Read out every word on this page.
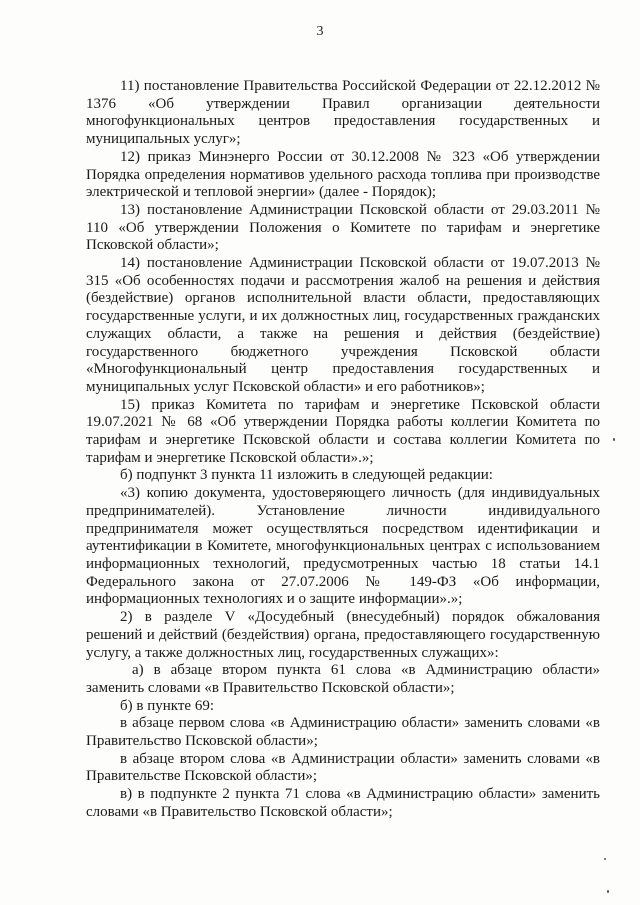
3

11) постановление Правительства Российской Федерации от 22.12.2012 № 1376 «Об утверждении Правил организации деятельности многофункциональных центров предоставления государственных и муниципальных услуг»;

12) приказ Минэнерго России от 30.12.2008 № 323 «Об утверждении Порядка определения нормативов удельного расхода топлива при производстве электрической и тепловой энергии» (далее - Порядок);

13) постановление Администрации Псковской области от 29.03.2011 № 110 «Об утверждении Положения о Комитете по тарифам и энергетике Псковской области»;

14) постановление Администрации Псковской области от 19.07.2013 № 315 «Об особенностях подачи и рассмотрения жалоб на решения и действия (бездействие) органов исполнительной власти области, предоставляющих государственные услуги, и их должностных лиц, государственных гражданских служащих области, а также на решения и действия (бездействие) государственного бюджетного учреждения Псковской области «Многофункциональный центр предоставления государственных и муниципальных услуг Псковской области» и его работников»;

15) приказ Комитета по тарифам и энергетике Псковской области 19.07.2021 № 68 «Об утверждении Порядка работы коллегии Комитета по тарифам и энергетике Псковской области и состава коллегии Комитета по тарифам и энергетике Псковской области».»;

б) подпункт 3 пункта 11 изложить в следующей редакции:

«3) копию документа, удостоверяющего личность (для индивидуальных предпринимателей). Установление личности индивидуального предпринимателя может осуществляться посредством идентификации и аутентификации в Комитете, многофункциональных центрах с использованием информационных технологий, предусмотренных частью 18 статьи 14.1 Федерального закона от 27.07.2006 № 149-ФЗ «Об информации, информационных технологиях и о защите информации».»;

2) в разделе V «Досудебный (внесудебный) порядок обжалования решений и действий (бездействия) органа, предоставляющего государственную услугу, а также должностных лиц, государственных служащих»:

а) в абзаце втором пункта 61 слова «в Администрацию области» заменить словами «в Правительство Псковской области»;

б) в пункте 69:

в абзаце первом слова «в Администрацию области» заменить словами «в Правительство Псковской области»;

в абзаце втором слова «в Администрации области» заменить словами «в Правительстве Псковской области»;

в) в подпункте 2 пункта 71 слова «в Администрацию области» заменить словами «в Правительство Псковской области»;
